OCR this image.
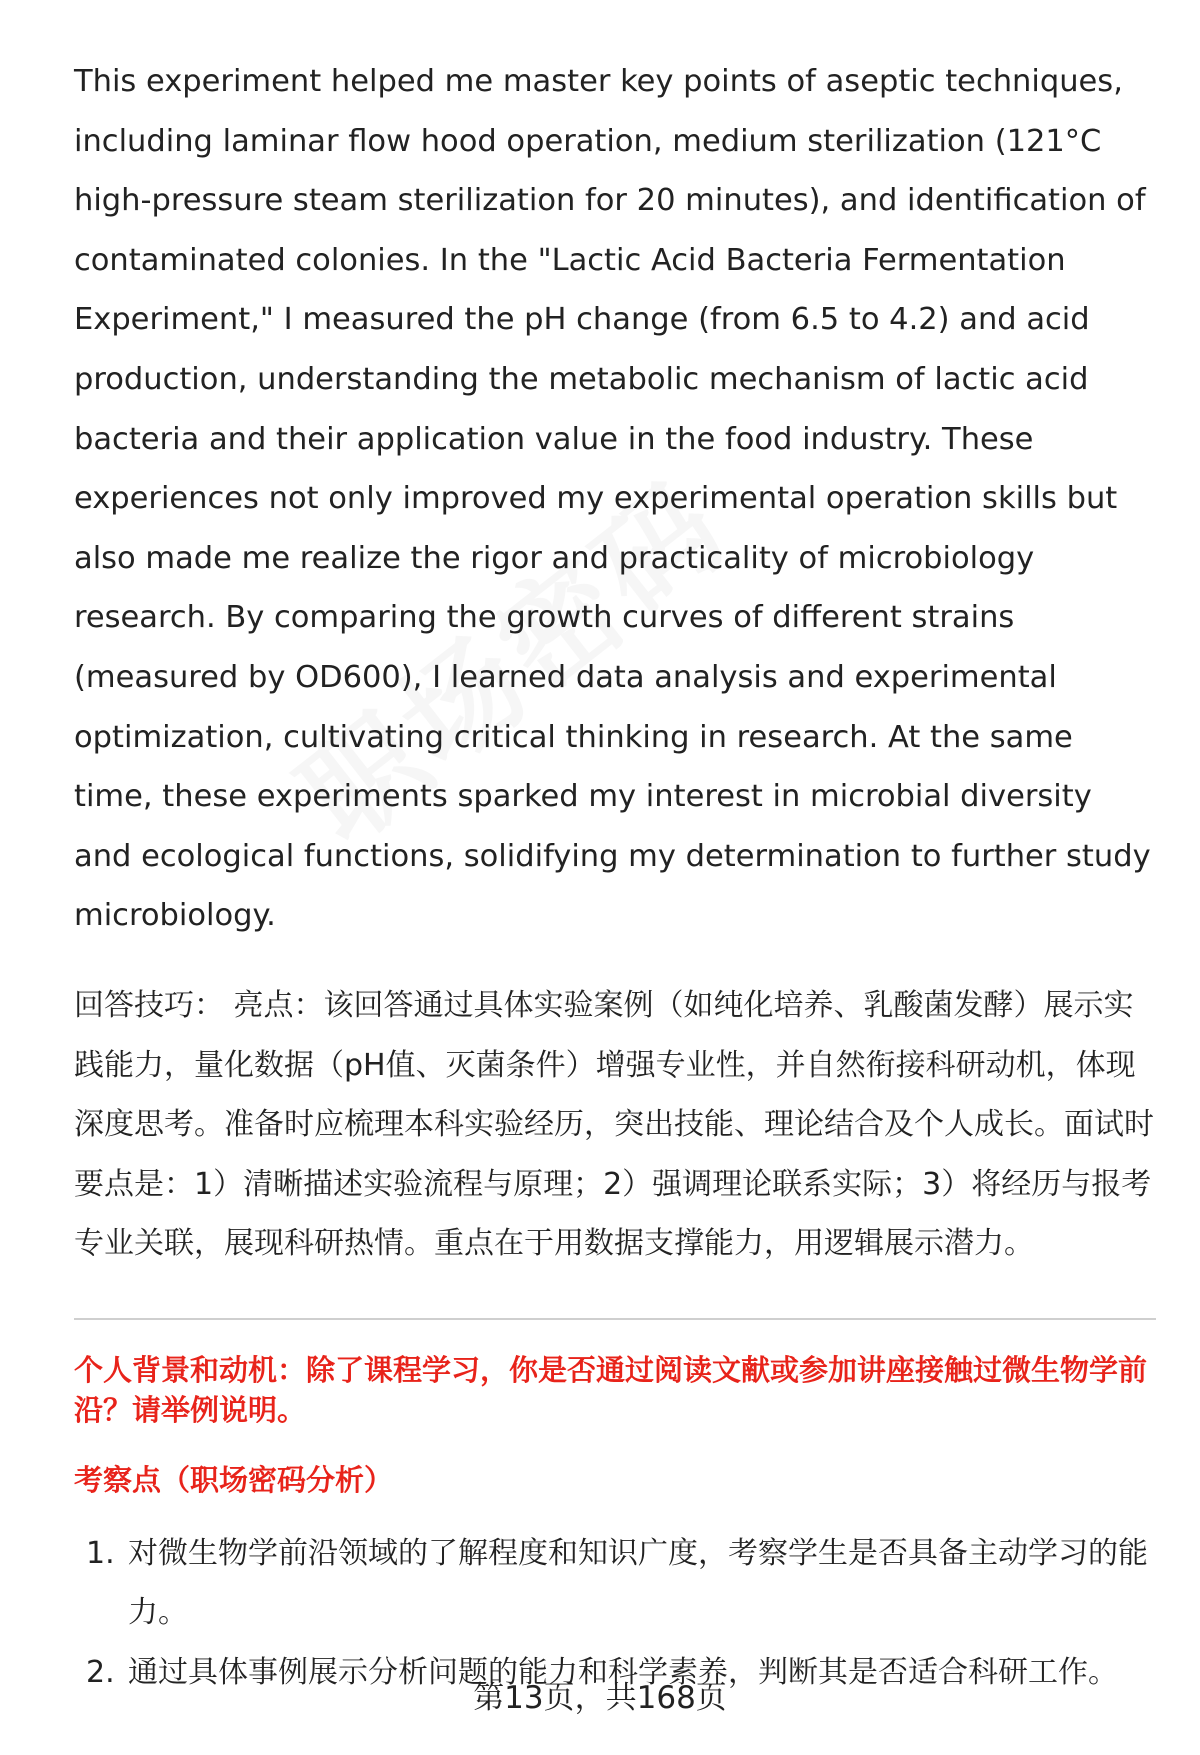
This experiment helped me master key points of aseptic techniques, including laminar flow hood operation, medium sterilization (121°C high-pressure steam sterilization for 20 minutes), and identification of contaminated colonies. In the "Lactic Acid Bacteria Fermentation Experiment," I measured the pH change (from 6.5 to 4.2) and acid production, understanding the metabolic mechanism of lactic acid bacteria and their application value in the food industry. These experiences not only improved my experimental operation skills but also made me realize the rigor and practicality of microbiology research. By comparing the growth curves of different strains (measured by OD600), I learned data analysis and experimental optimization, cultivating critical thinking in research. At the same time, these experiments sparked my interest in microbial diversity and ecological functions, solidifying my determination to further study microbiology.

回答技巧： 亮点：该回答通过具体实验案例（如纯化培养、乳酸菌发酵）展示实践能力，量化数据（pH值、灭菌条件）增强专业性，并自然衔接科研动机，体现深度思考。准备时应梳理本科实验经历，突出技能、理论结合及个人成长。面试时要点是：1）清晰描述实验流程与原理；2）强调理论联系实际；3）将经历与报考专业关联，展现科研热情。重点在于用数据支撑能力，用逻辑展示潜力。

个人背景和动机：除了课程学习，你是否通过阅读文献或参加讲座接触过微生物学前沿？请举例说明。
考察点（职场密码分析）
1. 对微生物学前沿领域的了解程度和知识广度，考察学生是否具备主动学习的能力。
2. 通过具体事例展示分析问题的能力和科学素养，判断其是否适合科研工作。
第13页，共168页
